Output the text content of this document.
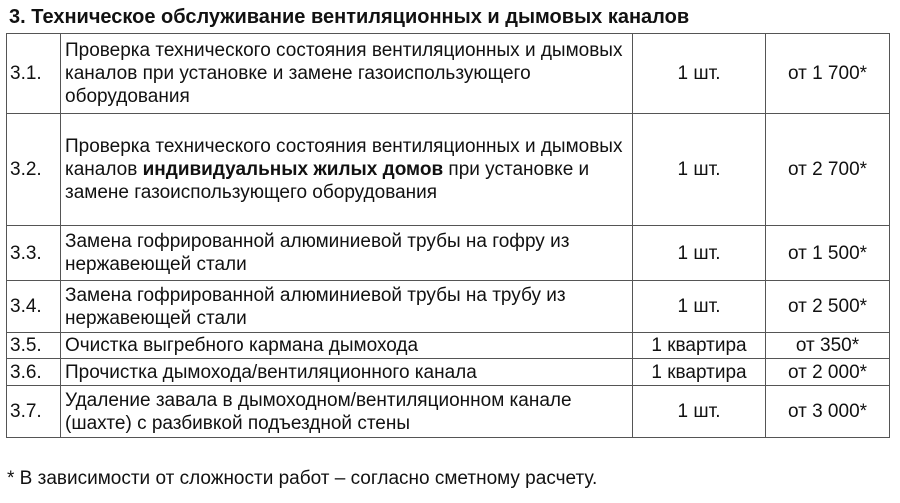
3. Техническое обслуживание вентиляционных и дымовых каналов
3.1.	Проверка технического состояния вентиляционных и дымовых каналов при установке и замене газоиспользующего оборудования	1 шт.	от 1 700*
3.2.	Проверка технического состояния вентиляционных и дымовых каналов индивидуальных жилых домов при установке и замене газоиспользующего оборудования	1 шт.	от 2 700*
3.3.	Замена гофрированной алюминиевой трубы на гофру из нержавеющей стали	1 шт.	от 1 500*
3.4.	Замена гофрированной алюминиевой трубы на трубу из нержавеющей стали	1 шт.	от 2 500*
3.5.	Очистка выгребного кармана дымохода	1 квартира	от 350*
3.6.	Прочистка дымохода/вентиляционного канала	1 квартира	от 2 000*
3.7.	Удаление завала в дымоходном/вентиляционном канале (шахте) с разбивкой подъездной стены	1 шт.	от 3 000*
* В зависимости от сложности работ – согласно сметному расчету.
